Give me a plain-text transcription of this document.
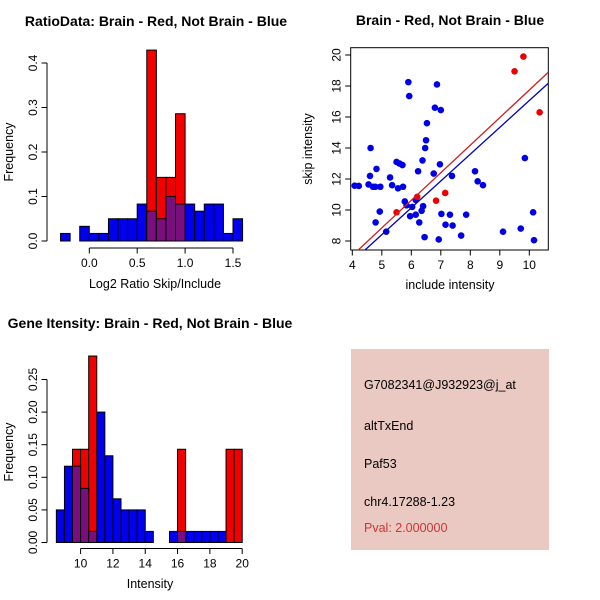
RatioData: Brain - Red, Not Brain - Blue
Log2 Ratio Skip/Include
Frequency
0.0	0.5	1.0	1.5
0.0
0.1
0.2
0.3
0.4
Brain - Red, Not Brain - Blue
include intensity
skip intensity
4 5 6 7 8 9 10
8
10
12
14
16
18
20
Gene Itensity: Brain - Red, Not Brain - Blue
Intensity
Frequency
10 12 14 16 18 20
0.00
0.05
0.10
0.15
0.20
0.25	G7082341@J932923@j_at
altTxEnd
Paf53
chr4.17288-1.23
Pval: 2.000000
